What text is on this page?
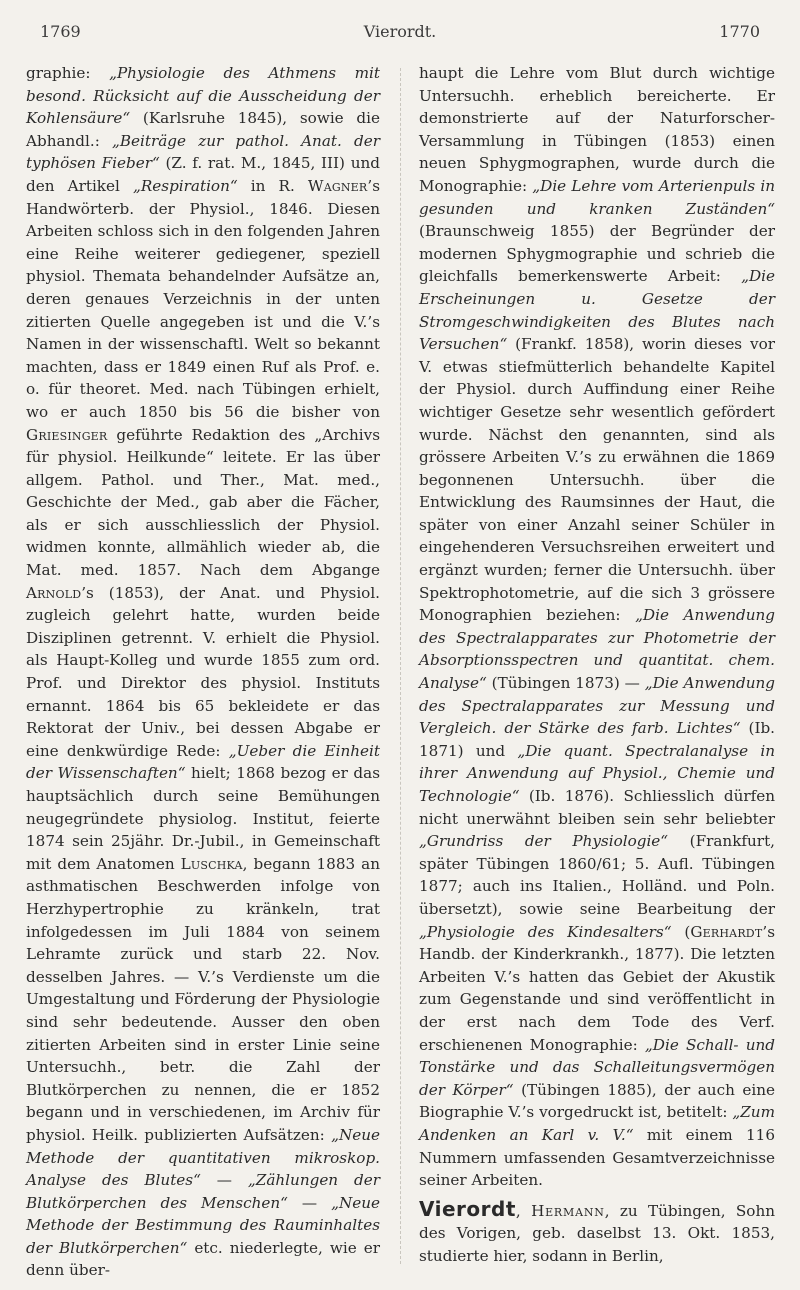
1769	Vierordt.	1770

graphie: „Physiologie des Athmens mit besond. Rücksicht auf die Ausscheidung der Kohlensäure“ (Karlsruhe 1845), sowie die Abhandl.: „Beiträge zur pathol. Anat. der typhösen Fieber“ (Z. f. rat. M., 1845, III) und den Artikel „Respiration“ in R. Wagner’s Handwörterb. der Physiol., 1846. Diesen Arbeiten schloss sich in den folgenden Jahren eine Reihe weiterer gediegener, speziell physiol. Themata behandelnder Aufsätze an, deren genaues Verzeichnis in der unten zitierten Quelle angegeben ist und die V.’s Namen in der wissenschaftl. Welt so bekannt machten, dass er 1849 einen Ruf als Prof. e. o. für theoret. Med. nach Tübingen erhielt, wo er auch 1850 bis 56 die bisher von Griesinger geführte Redaktion des „Archivs für physiol. Heilkunde“ leitete. Er las über allgem. Pathol. und Ther., Mat. med., Geschichte der Med., gab aber die Fächer, als er sich ausschliesslich der Physiol. widmen konnte, allmählich wieder ab, die Mat. med. 1857. Nach dem Abgange Arnold’s (1853), der Anat. und Physiol. zugleich gelehrt hatte, wurden beide Disziplinen getrennt. V. erhielt die Physiol. als Haupt-Kolleg und wurde 1855 zum ord. Prof. und Direktor des physiol. Instituts ernannt. 1864 bis 65 bekleidete er das Rektorat der Univ., bei dessen Abgabe er eine denkwürdige Rede: „Ueber die Einheit der Wissenschaften“ hielt; 1868 bezog er das hauptsächlich durch seine Bemühungen neugegründete physiolog. Institut, feierte 1874 sein 25jähr. Dr.-Jubil., in Gemeinschaft mit dem Anatomen Luschka, begann 1883 an asthmatischen Beschwerden infolge von Herzhypertrophie zu kränkeln, trat infolgedessen im Juli 1884 von seinem Lehramte zurück und starb 22. Nov. desselben Jahres. — V.’s Verdienste um die Umgestaltung und Förderung der Physiologie sind sehr bedeutende. Ausser den oben zitierten Arbeiten sind in erster Linie seine Untersuchh., betr. die Zahl der Blutkörperchen zu nennen, die er 1852 begann und in verschiedenen, im Archiv für physiol. Heilk. publizierten Aufsätzen: „Neue Methode der quantitativen mikroskop. Analyse des Blutes“ — „Zählungen der Blutkörperchen des Menschen“ — „Neue Methode der Bestimmung des Rauminhaltes der Blutkörperchen“ etc. niederlegte, wie er denn über-

haupt die Lehre vom Blut durch wichtige Untersuchh. erheblich bereicherte. Er demonstrierte auf der Naturforscher-Versammlung in Tübingen (1853) einen neuen Sphygmographen, wurde durch die Monographie: „Die Lehre vom Arterienpuls in gesunden und kranken Zuständen“ (Braunschweig 1855) der Begründer der modernen Sphygmographie und schrieb die gleichfalls bemerkenswerte Arbeit: „Die Erscheinungen u. Gesetze der Stromgeschwindigkeiten des Blutes nach Versuchen“ (Frankf. 1858), worin dieses vor V. etwas stiefmütterlich behandelte Kapitel der Physiol. durch Auffindung einer Reihe wichtiger Gesetze sehr wesentlich gefördert wurde. Nächst den genannten, sind als grössere Arbeiten V.’s zu erwähnen die 1869 begonnenen Untersuchh. über die Entwicklung des Raumsinnes der Haut, die später von einer Anzahl seiner Schüler in eingehenderen Versuchsreihen erweitert und ergänzt wurden; ferner die Untersuchh. über Spektrophotometrie, auf die sich 3 grössere Monographien beziehen: „Die Anwendung des Spectralapparates zur Photometrie der Absorptionsspectren und quantitat. chem. Analyse“ (Tübingen 1873) — „Die Anwendung des Spectralapparates zur Messung und Vergleich. der Stärke des farb. Lichtes“ (Ib. 1871) und „Die quant. Spectralanalyse in ihrer Anwendung auf Physiol., Chemie und Technologie“ (Ib. 1876). Schliesslich dürfen nicht unerwähnt bleiben sein sehr beliebter „Grundriss der Physiologie“ (Frankfurt, später Tübingen 1860/61; 5. Aufl. Tübingen 1877; auch ins Italien., Holländ. und Poln. übersetzt), sowie seine Bearbeitung der „Physiologie des Kindesalters“ (Gerhardt’s Handb. der Kinderkrankh., 1877). Die letzten Arbeiten V.’s hatten das Gebiet der Akustik zum Gegenstande und sind veröffentlicht in der erst nach dem Tode des Verf. erschienenen Monographie: „Die Schall- und Tonstärke und das Schalleitungsvermögen der Körper“ (Tübingen 1885), der auch eine Biographie V.’s vorgedruckt ist, betitelt: „Zum Andenken an Karl v. V.“ mit einem 116 Nummern umfassenden Gesamtverzeichnisse seiner Arbeiten.

Vierordt, Hermann, zu Tübingen, Sohn des Vorigen, geb. daselbst 13. Okt. 1853, studierte hier, sodann in Berlin,
